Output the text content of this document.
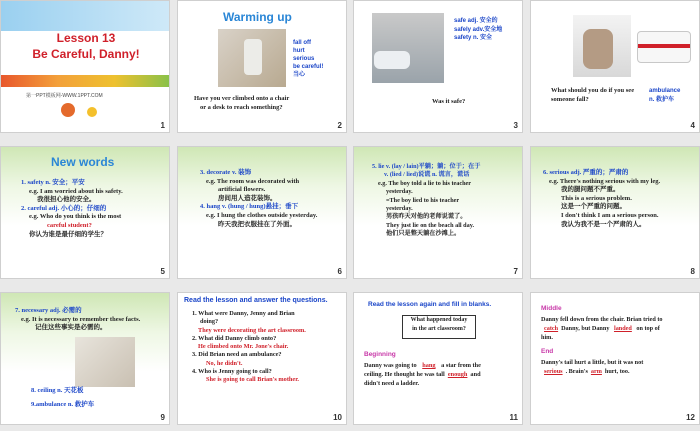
Lesson 13
Be Careful, Danny!
第一PPT模板网-WWW.1PPT.COM
1
Warming up
fall off
hurt
serious
be careful!
当心
Have you ver climbed onto a chair
or a desk to reach something?
2
safe adj. 安全的
safely adv.安全地
safety n. 安全
Was it safe?
3
What should you do if you see
someone fall?
ambulance
n. 救护车
4
New words
1. safety n. 安全；平安
e.g. I am worried about his safety.
我很担心他的安全。
2. careful adj. 小心的；仔细的
e.g. Who do you think is the most
careful student?
你认为谁是最仔细的学生？
5
3. decorate v. 装饰
e.g. The room was decorated with
artificial flowers.
房间用人造花装饰。
4. hang v. (hung / hung)悬挂；垂下
e.g. I hung the clothes outside yesterday.
昨天我把衣服挂在了外面。
6
5. lie v. (lay / lain)平躺；躺；位于；在于
v. (lied / lied)说谎 n. 谎言，谎话
e.g. The boy told a lie to his teacher
yesterday.
=The boy lied to his teacher
yesterday.
男孩昨天对他的老师说谎了。
They just lie on the beach all day.
他们只是整天躺在沙滩上。
7
6. serious adj. 严重的；严肃的
e.g. There's nothing serious with my leg.
我的腿问题不严重。
This is a serious problem.
这是一个严重的问题。
I don't think I am a serious person.
我认为我不是一个严肃的人。
8
7. necessary adj. 必需的
e.g. It is necessary to remember these facts.
记住这些事实是必需的。
8. ceiling n. 天花板
9.ambulance n. 救护车
9
Read the lesson and answer the questions.
1. What were Danny, Jenny and Brian
doing?
They were decorating the art classroom.
2. What did Danny climb onto?
He climbed onto Mr. Jone's chair.
3. Did Brian need an ambulance?
No, he didn't.
4. Who is Jenny going to call?
She is going to call Brian's mother.
10
Read the lesson again and fill in blanks.
What happened today
in the art classroom?
Beginning
Danny was going to hang a star from the
ceiling. He thought he was tall enough and
didn't need a ladder.
11
Middle
Danny fell down from the chair. Brian tried to
catch Danny, but Danny landed on top of
him.
End
Danny's tail hurt a little, but it was not
serious . Brain's arm hurt, too.
12
